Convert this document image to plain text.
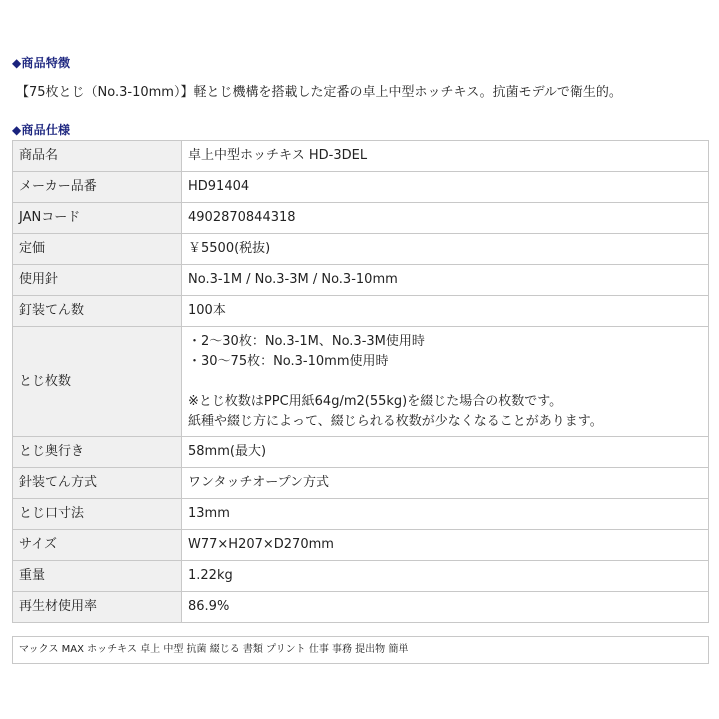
◆商品特徴
【75枚とじ（No.3-10mm）】軽とじ機構を搭載した定番の卓上中型ホッチキス。抗菌モデルで衛生的。
◆商品仕様
商品名	卓上中型ホッチキス HD-3DEL
メーカー品番	HD91404
JANコード	4902870844318
定価	￥5500(税抜)
使用針	No.3-1M / No.3-3M / No.3-10mm
釘装てん数	100本
とじ枚数	・2〜30枚：No.3-1M、No.3-3M使用時
・30〜75枚：No.3-10mm使用時
※とじ枚数はPPC用紙64g/m2(55kg)を綴じた場合の枚数です。
紙種や綴じ方によって、綴じられる枚数が少なくなることがあります。

とじ奥行き	58mm(最大)
針装てん方式	ワンタッチオープン方式
とじ口寸法	13mm
サイズ	W77×H207×D270mm
重量	1.22kg
再生材使用率	86.9%
マックス MAX ホッチキス 卓上 中型 抗菌 綴じる 書類 プリント 仕事 事務 提出物 簡単
